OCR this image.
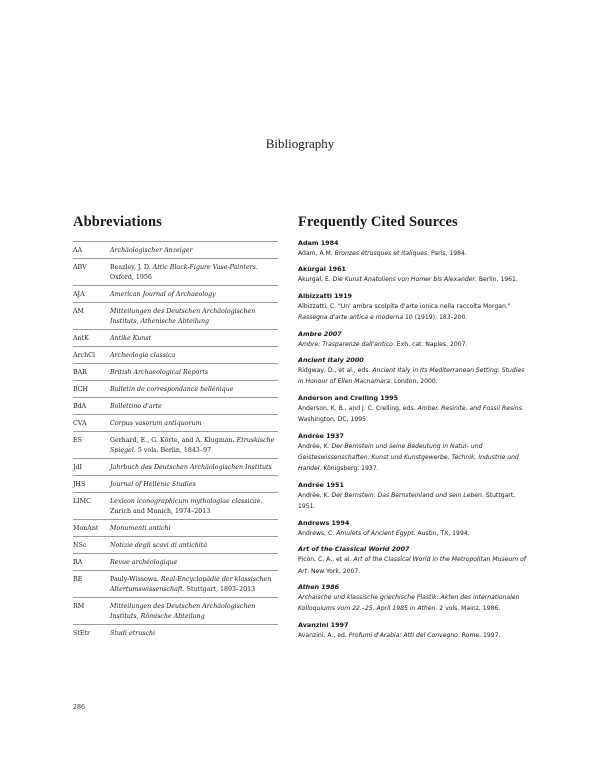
Bibliography
Abbreviations	Frequently Cited Sources
AA	Archäologischer Anzeiger
ABV	Beazley, J. D. Attic Black-Figure Vase-Painters. Oxford, 1956
AJA	American Journal of Archaeology
AM	Mitteilungen des Deutschen Archäologischen Instituts, Athenische Abteilung
AntK	Antike Kunst
ArchCl	Archeologia classica
BAR	British Archaeological Reports
BCH	Bulletin de correspondance hellénique
BdA	Bollettino d'arte
CVA	Corpus vasorum antiquorum
ES	Gerhard, E., G. Körte, and A. Klugman. Etruskische Spiegel. 5 vols. Berlin, 1843–97
JdI	Jahrbuch des Deutschen Archäologischen Instituts
JHS	Journal of Hellenic Studies
LIMC	Lexicon iconographicum mythologiae classicae. Zurich and Munich, 1974–2013
MonAnt	Monumenti antichi
NSc	Notizie degli scavi di antichità
RA	Revue archéologique
RE	Pauly-Wissowa. Real-Encyclopädie der klassischen Altertumswissenschaft. Stuttgart, 1893–2013
RM	Mitteilungen des Deutschen Archäologischen Instituts, Römische Abteilung
StEtr	Studi etruschi
Adam 1984
Adam, A.M. Bronzes étrusques et italiques. Paris, 1984.
Akürgal 1961
Akurgal, E. Die Kunst Anatoliens von Homer bis Alexander. Berlin, 1961.
Albizzatti 1919
Albizzatti, C. "Un' ambra scolpita d'arte ionica nella raccolta Morgan." Rassegna d'arte antica e moderna 10 (1919): 183–200.
Ambre 2007
Ambre: Trasparenze dall'antico. Exh. cat. Naples, 2007.
Ancient Italy 2000
Ridgway, D., et al., eds. Ancient Italy in Its Mediterranean Setting: Studies in Honour of Ellen Macnamara. London, 2000.
Anderson and Crelling 1995
Anderson, K. B., and J. C. Crelling, eds. Amber, Resinite, and Fossil Resins. Washington, DC, 1995.
Andrée 1937
Andrée, K. Der Bernstein und seine Bedeutung in Natur- und Geisteswissenschaften, Kunst und Kunstgewerbe, Technik, Industrie und Handel. Königsberg, 1937.
Andrée 1951
Andrée, K. Der Bernstein: Das Bernsteinland und sein Leben. Stuttgart, 1951.
Andrews 1994
Andrews, C. Amulets of Ancient Egypt. Austin, TX, 1994.
Art of the Classical World 2007
Picón, C. A., et al. Art of the Classical World in the Metropolitan Museum of Art. New York, 2007.
Athen 1986
Archaische und klassische griechische Plastik: Akten des internationalen Kolloquiums vom 22.–25. April 1985 in Athen. 2 vols. Mainz, 1986.
Avanzini 1997
Avanzini, A., ed. Profumi d'Arabia: Atti del Convegno. Rome, 1997.
286
